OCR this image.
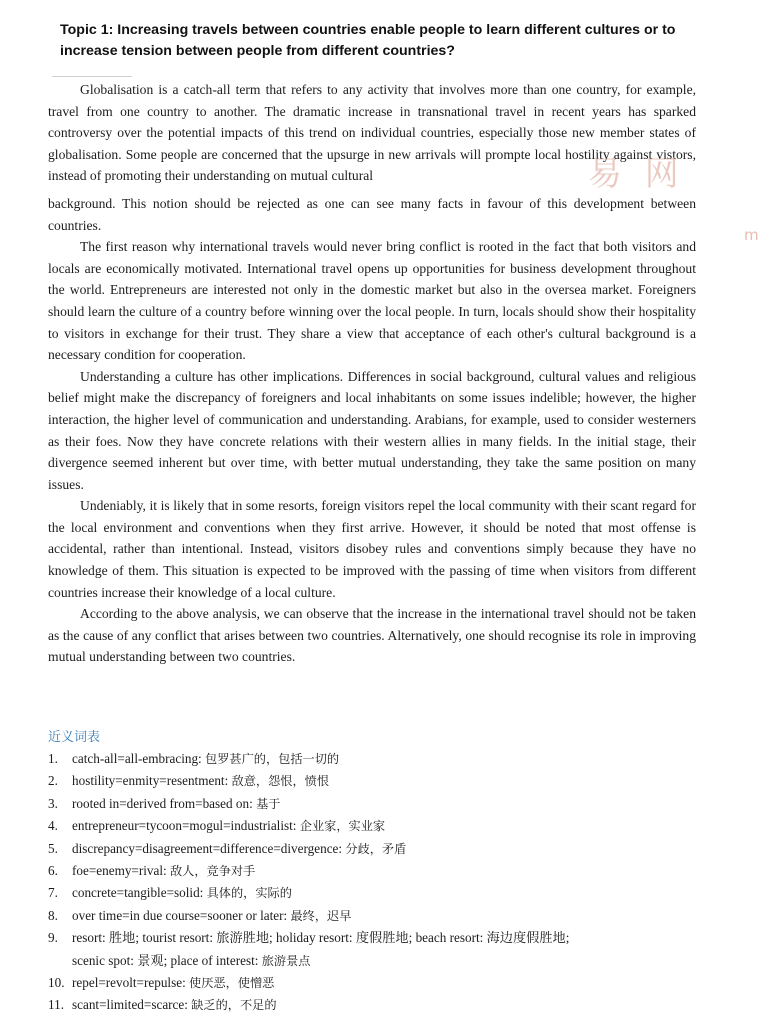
Topic 1: Increasing travels between countries enable people to learn different cultures or to increase tension between people from different countries?

Globalisation is a catch-all term that refers to any activity that involves more than one country, for example, travel from one country to another. The dramatic increase in transnational travel in recent years has sparked controversy over the potential impacts of this trend on individual countries, especially those new member states of globalisation. Some people are concerned that the upsurge in new arrivals will prompte local hostility against vistors, instead of promoting their understanding on mutual cultural

background. This notion should be rejected as one can see many facts in favour of this development between countries.

The first reason why international travels would never bring conflict is rooted in the fact that both visitors and locals are economically motivated. International travel opens up opportunities for business development throughout the world. Entrepreneurs are interested not only in the domestic market but also in the oversea market. Foreigners should learn the culture of a country before winning over the local people. In turn, locals should show their hospitality to visitors in exchange for their trust. They share a view that acceptance of each other's cultural background is a necessary condition for cooperation.

Understanding a culture has other implications. Differences in social background, cultural values and religious belief might make the discrepancy of foreigners and local inhabitants on some issues indelible; however, the higher interaction, the higher level of communication and understanding. Arabians, for example, used to consider westerners as their foes. Now they have concrete relations with their western allies in many fields. In the initial stage, their divergence seemed inherent but over time, with better mutual understanding, they take the same position on many issues.

Undeniably, it is likely that in some resorts, foreign visitors repel the local community with their scant regard for the local environment and conventions when they first arrive. However, it should be noted that most offense is accidental, rather than intentional. Instead, visitors disobey rules and conventions simply because they have no knowledge of them. This situation is expected to be improved with the passing of time when visitors from different countries increase their knowledge of a local culture.

According to the above analysis, we can observe that the increase in the international travel should not be taken as the cause of any conflict that arises between two countries. Alternatively, one should recognise its role in improving mutual understanding between two countries.

易 网
m
近义词表
1.	catch-all=all-embracing: 包罗甚广的，包括一切的
2.	hostility=enmity=resentment: 敌意，怨恨，愤恨
3.	rooted in=derived from=based on: 基于
4.	entrepreneur=tycoon=mogul=industrialist: 企业家，实业家
5.	discrepancy=disagreement=difference=divergence: 分歧，矛盾
6.	foe=enemy=rival: 敌人，竞争对手
7.	concrete=tangible=solid: 具体的，实际的
8.	over time=in due course=sooner or later: 最终，迟早
9.	resort: 胜地; tourist resort: 旅游胜地; holiday resort: 度假胜地; beach resort: 海边度假胜地;
scenic spot: 景观; place of interest: 旅游景点
10. repel=revolt=repulse: 使厌恶，使憎恶
11. scant=limited=scarce: 缺乏的，不足的
